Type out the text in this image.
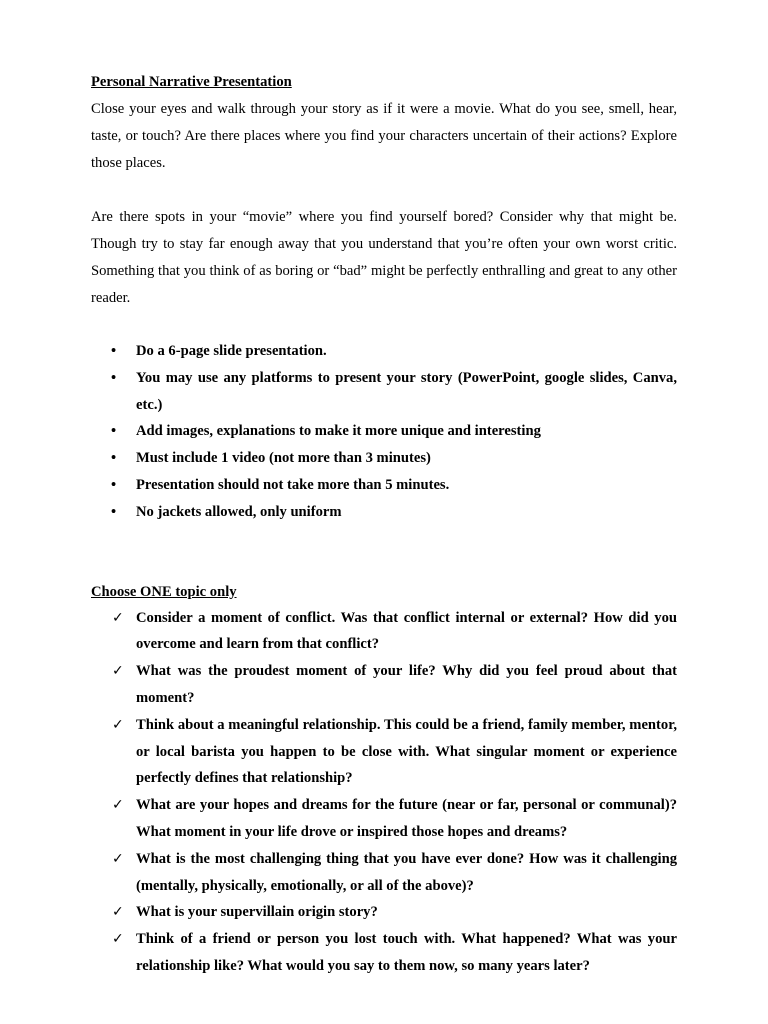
Personal Narrative Presentation

Close your eyes and walk through your story as if it were a movie. What do you see, smell, hear, taste, or touch? Are there places where you find your characters uncertain of their actions? Explore those places.

Are there spots in your “movie” where you find yourself bored? Consider why that might be. Though try to stay far enough away that you understand that you’re often your own worst critic. Something that you think of as boring or “bad” might be perfectly enthralling and great to any other reader.

• Do a 6-page slide presentation.
• You may use any platforms to present your story (PowerPoint, google slides, Canva, etc.)
• Add images, explanations to make it more unique and interesting
• Must include 1 video (not more than 3 minutes)
• Presentation should not take more than 5 minutes.
• No jackets allowed, only uniform

Choose ONE topic only

✓ Consider a moment of conflict. Was that conflict internal or external? How did you overcome and learn from that conflict?
✓ What was the proudest moment of your life? Why did you feel proud about that moment?
✓ Think about a meaningful relationship. This could be a friend, family member, mentor, or local barista you happen to be close with. What singular moment or experience perfectly defines that relationship?
✓ What are your hopes and dreams for the future (near or far, personal or communal)? What moment in your life drove or inspired those hopes and dreams?
✓ What is the most challenging thing that you have ever done? How was it challenging (mentally, physically, emotionally, or all of the above)?
✓ What is your supervillain origin story?
✓ Think of a friend or person you lost touch with. What happened? What was your relationship like? What would you say to them now, so many years later?
